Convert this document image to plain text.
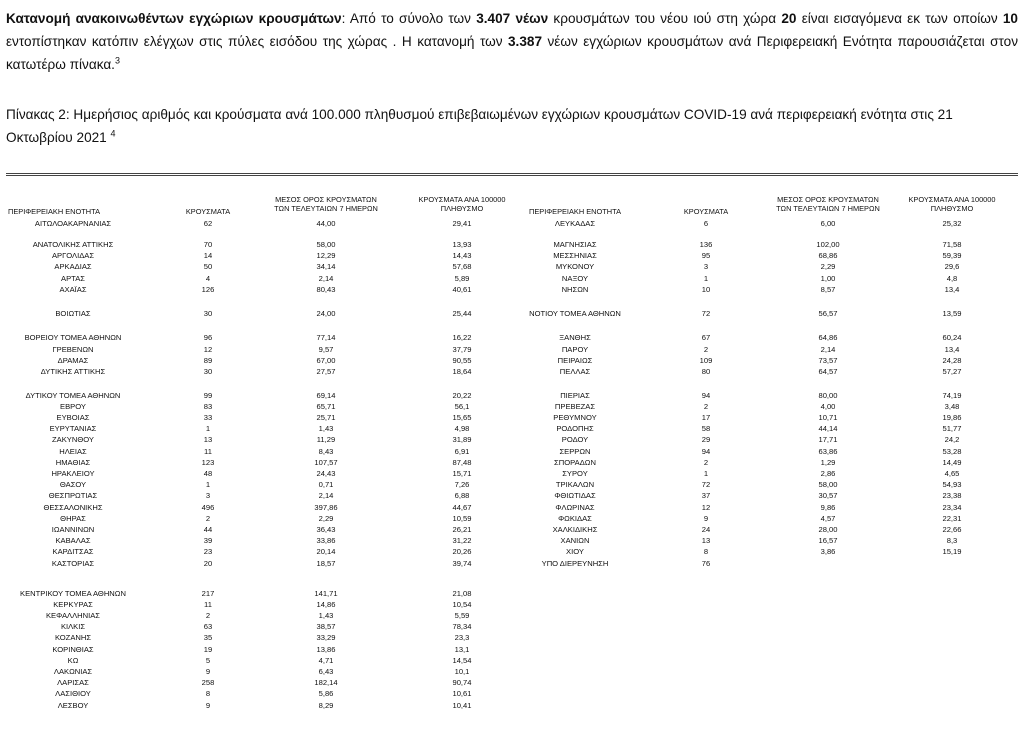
Κατανομή ανακοινωθέντων εγχώριων κρουσμάτων: Από το σύνολο των 3.407 νέων κρουσμάτων του νέου ιού στη χώρα 20 είναι εισαγόμενα εκ των οποίων 10 εντοπίστηκαν κατόπιν ελέγχων στις πύλες εισόδου της χώρας . Η κατανομή των 3.387 νέων εγχώριων κρουσμάτων ανά Περιφερειακή Ενότητα παρουσιάζεται στον κατωτέρω πίνακα.$^3$
Πίνακας 2: Ημερήσιος αριθμός και κρούσματα ανά 100.000 πληθυσμού επιβεβαιωμένων εγχώριων κρουσμάτων COVID-19 ανά περιφερειακή ενότητα στις 21 Οκτωβρίου 2021 $^4$
ΠΕΡΙΦΕΡΕΙΑΚΗ ΕΝΟΤΗΤΑ	ΚΡΟΥΣΜΑΤΑ
ΜΕΣΟΣ ΟΡΟΣ ΚΡΟΥΣΜΑΤΩΝ
ΤΩΝ ΤΕΛΕΥΤΑΙΩΝ 7 ΗΜΕΡΩΝ
ΚΡΟΥΣΜΑΤΑ ΑΝΑ 100000
ΠΛΗΘΥΣΜΟ	ΠΕΡΙΦΕΡΕΙΑΚΗ ΕΝΟΤΗΤΑ	ΚΡΟΥΣΜΑΤΑ
ΜΕΣΟΣ ΟΡΟΣ ΚΡΟΥΣΜΑΤΩΝ
ΤΩΝ ΤΕΛΕΥΤΑΙΩΝ 7 ΗΜΕΡΩΝ
ΚΡΟΥΣΜΑΤΑ ΑΝΑ 100000
ΠΛΗΘΥΣΜΟ
ΑΙΤΩΛΟΑΚΑΡΝΑΝΙΑΣ	62	44,00	29,41
ΑΝΑΤΟΛΙΚΗΣ ΑΤΤΙΚΗΣ	70	58,00	13,93
ΑΡΓΟΛΙΔΑΣ	14	12,29	14,43
ΑΡΚΑΔΙΑΣ	50	34,14	57,68
ΑΡΤΑΣ	4	2,14	5,89
ΑΧΑΪΑΣ	126	80,43	40,61
ΒΟΙΩΤΙΑΣ	30	24,00	25,44
ΒΟΡΕΙΟΥ ΤΟΜΕΑ ΑΘΗΝΩΝ	96	77,14	16,22
ΓΡΕΒΕΝΩΝ	12	9,57	37,79
ΔΡΑΜΑΣ	89	67,00	90,55
ΔΥΤΙΚΗΣ ΑΤΤΙΚΗΣ	30	27,57	18,64
ΔΥΤΙΚΟΥ ΤΟΜΕΑ ΑΘΗΝΩΝ	99	69,14	20,22
ΕΒΡΟΥ	83	65,71	56,1
ΕΥΒΟΙΑΣ	33	25,71	15,65
ΕΥΡΥΤΑΝΙΑΣ	1	1,43	4,98
ΖΑΚΥΝΘΟΥ	13	11,29	31,89
ΗΛΕΙΑΣ	11	8,43	6,91
ΗΜΑΘΙΑΣ	123	107,57	87,48
ΗΡΑΚΛΕΙΟΥ	48	24,43	15,71
ΘΑΣΟΥ	1	0,71	7,26
ΘΕΣΠΡΩΤΙΑΣ	3	2,14	6,88
ΘΕΣΣΑΛΟΝΙΚΗΣ	496	397,86	44,67
ΘΗΡΑΣ	2	2,29	10,59
ΙΩΑΝΝΙΝΩΝ	44	36,43	26,21
ΚΑΒΑΛΑΣ	39	33,86	31,22
ΚΑΡΔΙΤΣΑΣ	23	20,14	20,26
ΚΑΣΤΟΡΙΑΣ	20	18,57	39,74
ΚΕΝΤΡΙΚΟΥ ΤΟΜΕΑ ΑΘΗΝΩΝ	217	141,71	21,08
ΚΕΡΚΥΡΑΣ	11	14,86	10,54
ΚΕΦΑΛΛΗΝΙΑΣ	2	1,43	5,59
ΚΙΛΚΙΣ	63	38,57	78,34
ΚΟΖΑΝΗΣ	35	33,29	23,3
ΚΟΡΙΝΘΙΑΣ	19	13,86	13,1
ΚΩ	5	4,71	14,54
ΛΑΚΩΝΙΑΣ	9	6,43	10,1
ΛΑΡΙΣΑΣ	258	182,14	90,74
ΛΑΣΙΘΙΟΥ	8	5,86	10,61
ΛΕΣΒΟΥ	9	8,29	10,41
ΛΕΥΚΑΔΑΣ	6	6,00	25,32
ΜΑΓΝΗΣΙΑΣ	136	102,00	71,58
ΜΕΣΣΗΝΙΑΣ	95	68,86	59,39
ΜΥΚΟΝΟΥ	3	2,29	29,6
ΝΑΞΟΥ	1	1,00	4,8
ΝΗΣΩΝ	10	8,57	13,4
ΝΟΤΙΟΥ ΤΟΜΕΑ ΑΘΗΝΩΝ	72	56,57	13,59
ΞΑΝΘΗΣ	67	64,86	60,24
ΠΑΡΟΥ	2	2,14	13,4
ΠΕΙΡΑΙΩΣ	109	73,57	24,28
ΠΕΛΛΑΣ	80	64,57	57,27
ΠΙΕΡΙΑΣ	94	80,00	74,19
ΠΡΕΒΕΖΑΣ	2	4,00	3,48
ΡΕΘΥΜΝΟΥ	17	10,71	19,86
ΡΟΔΟΠΗΣ	58	44,14	51,77
ΡΟΔΟΥ	29	17,71	24,2
ΣΕΡΡΩΝ	94	63,86	53,28
ΣΠΟΡΑΔΩΝ	2	1,29	14,49
ΣΥΡΟΥ	1	2,86	4,65
ΤΡΙΚΑΛΩΝ	72	58,00	54,93
ΦΘΙΩΤΙΔΑΣ	37	30,57	23,38
ΦΛΩΡΙΝΑΣ	12	9,86	23,34
ΦΩΚΙΔΑΣ	9	4,57	22,31
ΧΑΛΚΙΔΙΚΗΣ	24	28,00	22,66
ΧΑΝΙΩΝ	13	16,57	8,3
ΧΙΟΥ	8	3,86	15,19
ΥΠΟ ΔΙΕΡΕΥΝΗΣΗ	76
